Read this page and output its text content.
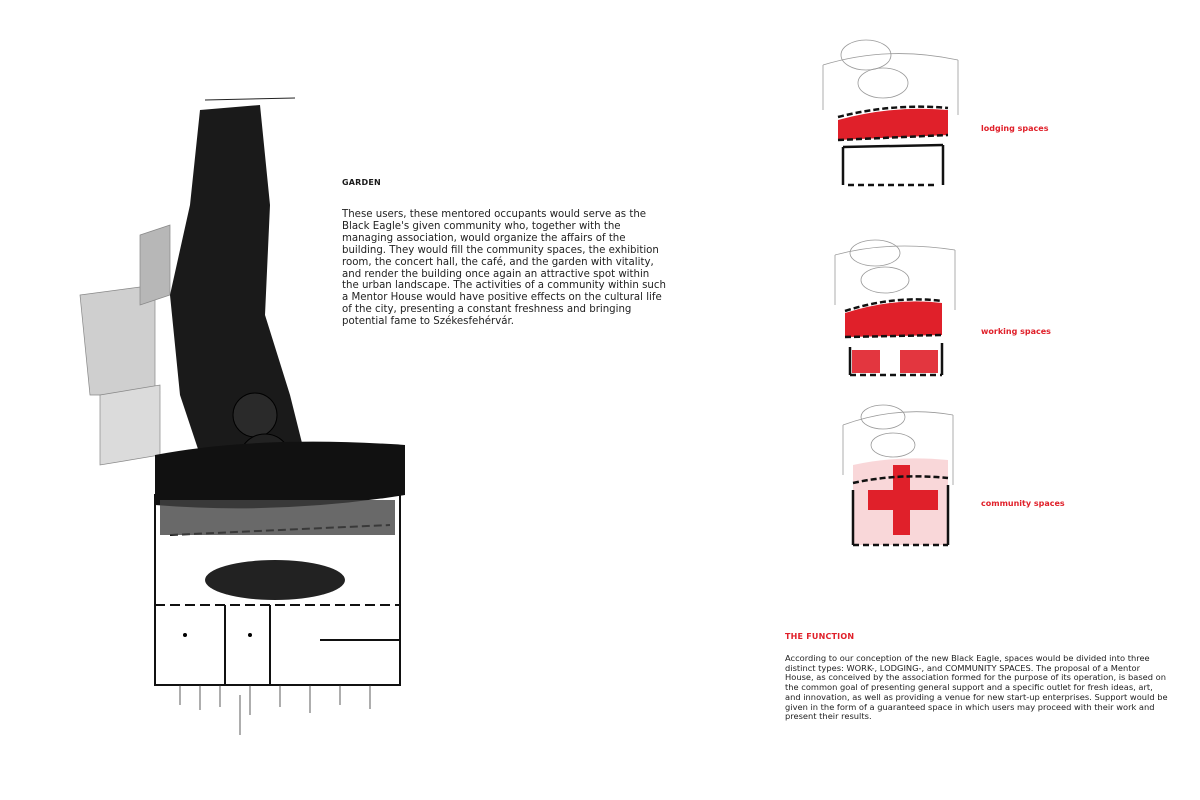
GARDEN
These users, these mentored occupants would serve as the Black Eagle's given community who, together with the managing association, would organize the affairs of the building. They would fill the community spaces, the exhibition room, the concert hall, the café, and the garden with vitality, and render the building once again an attractive spot within the urban landscape. The activities of a community within such a Mentor House would have positive effects on the cultural life of the city, presenting a constant freshness and bringing potential fame to Székesfehérvár.
lodging spaces
working spaces
community spaces
THE FUNCTION
According to our conception of the new Black Eagle, spaces would be divided into three distinct types: WORK-, LODGING-, and COMMUNITY SPACES. The proposal of a Mentor House, as conceived by the association formed for the purpose of its operation, is based on the common goal of presenting general support and a specific outlet for fresh ideas, art, and innovation, as well as providing a venue for new start-up enterprises. Support would be given in the form of a guaranteed space in which users may proceed with their work and present their results.
